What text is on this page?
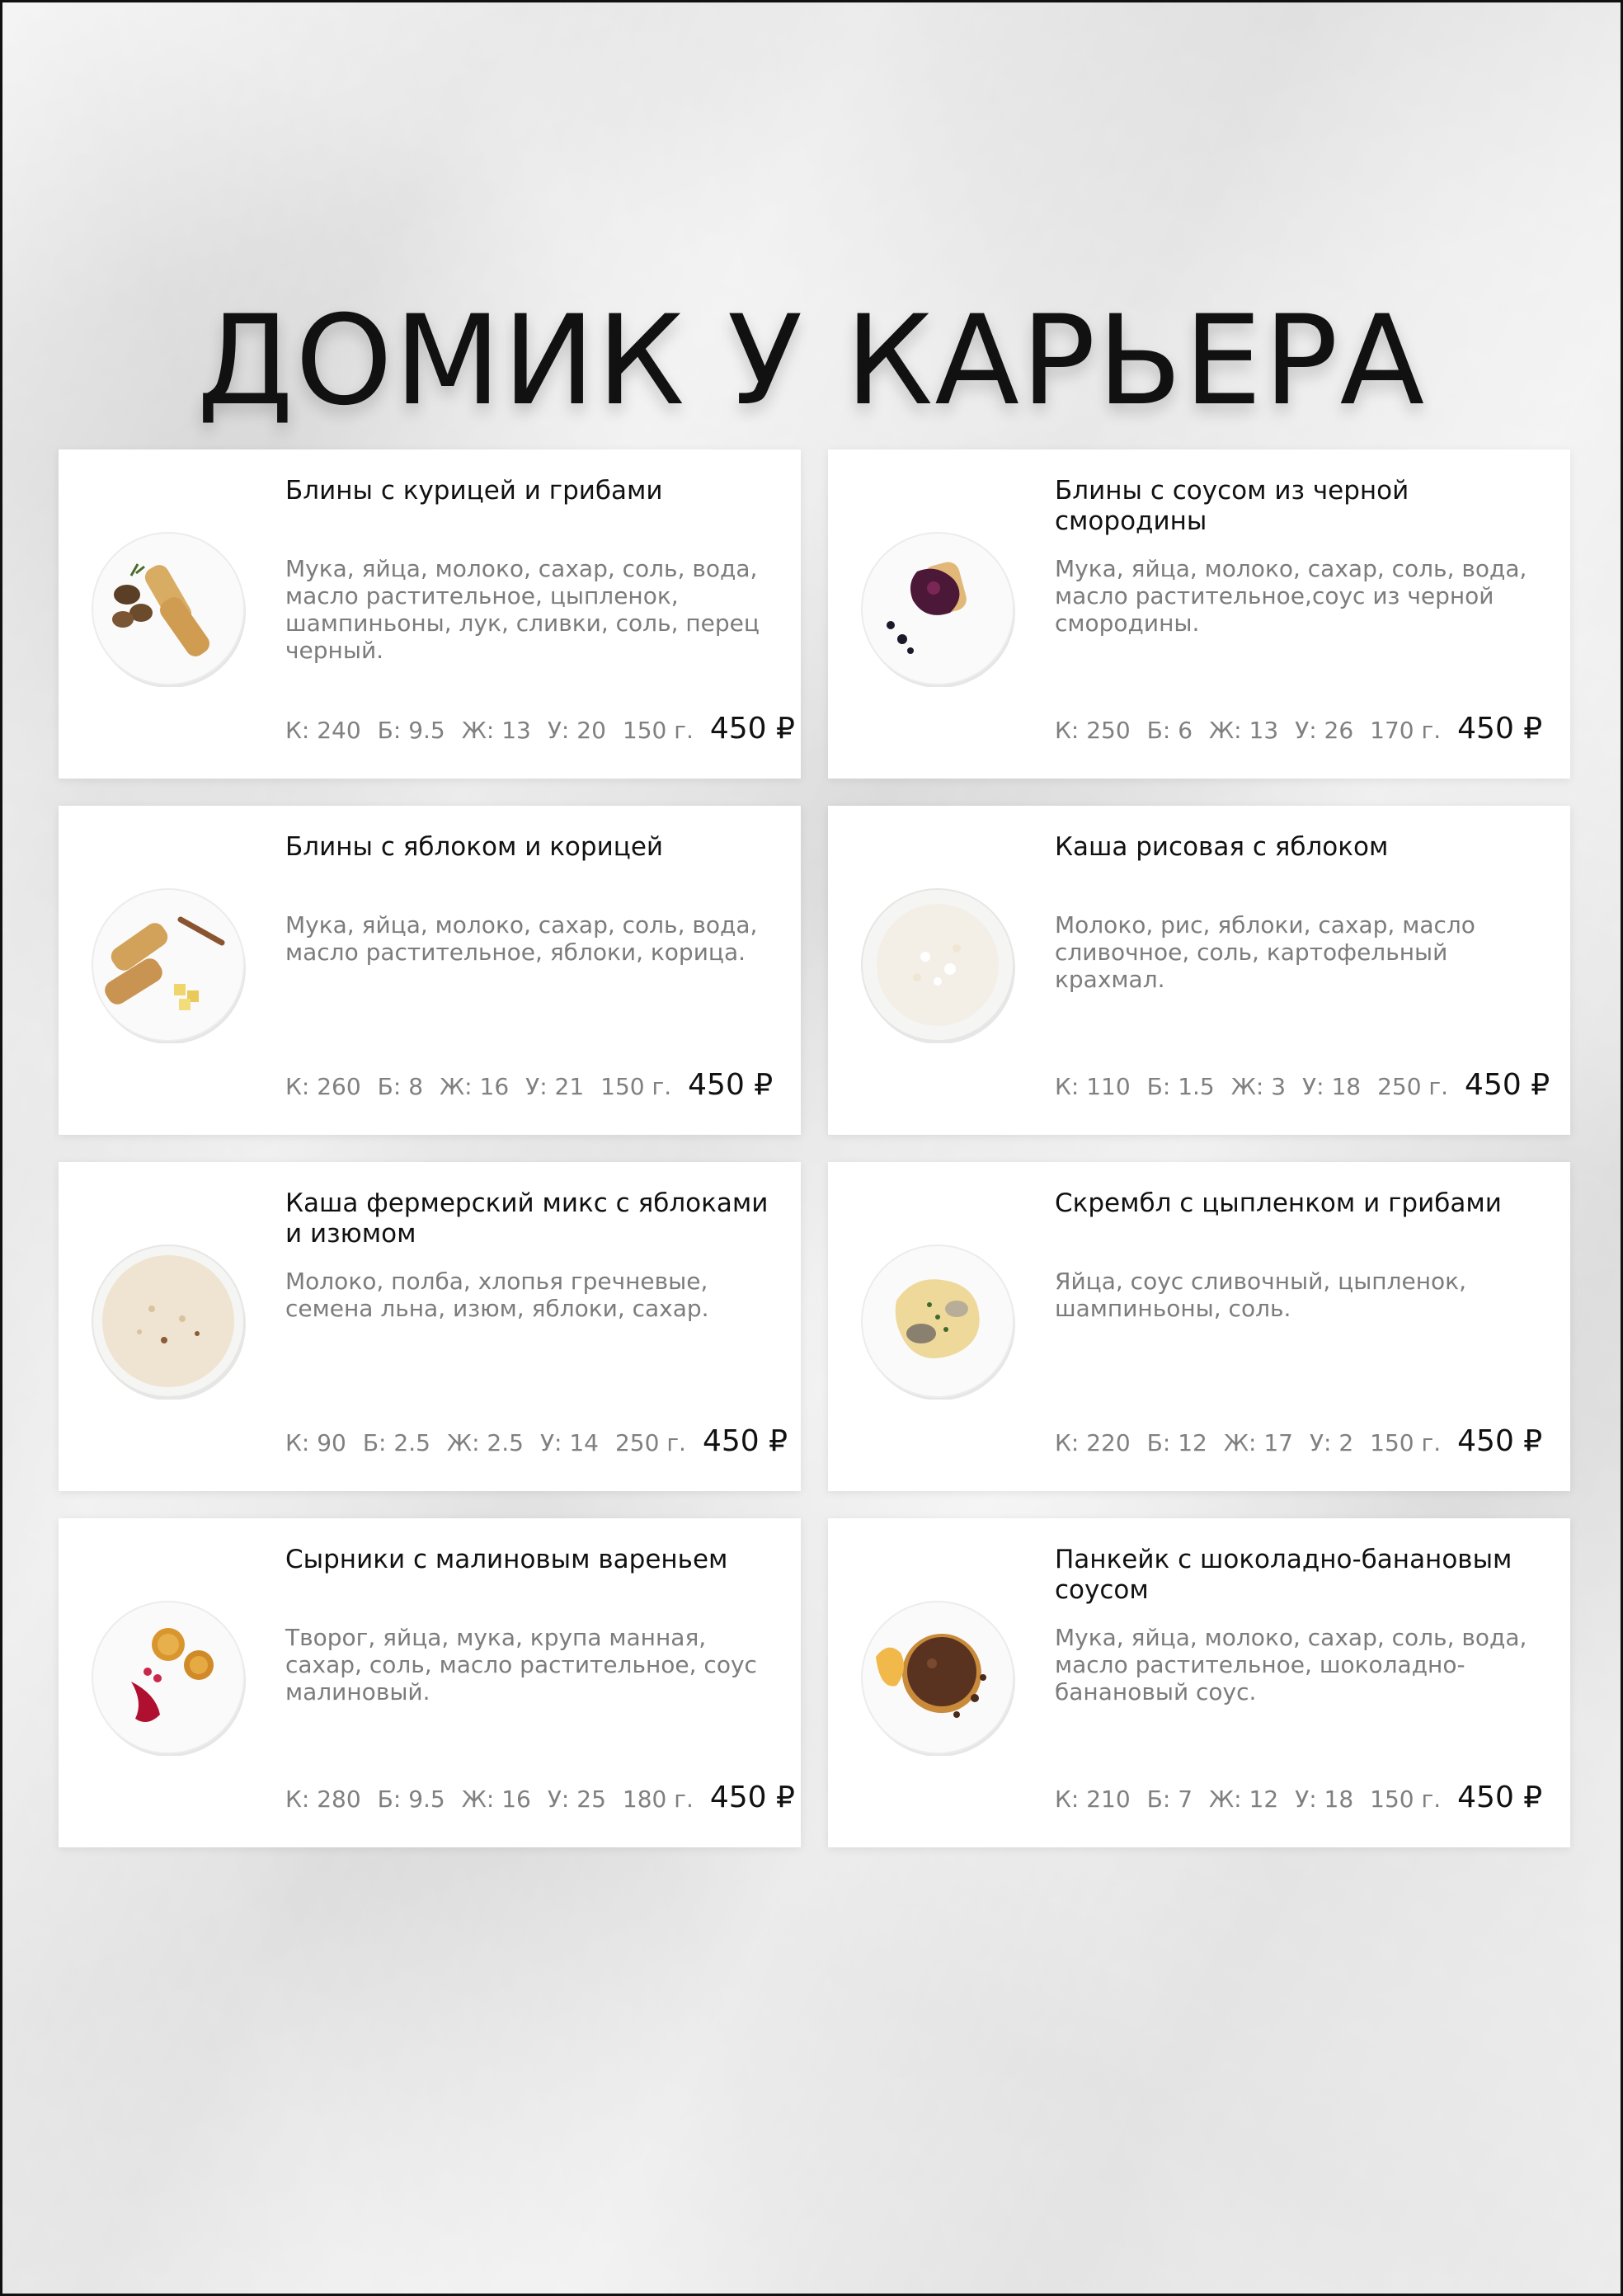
ДОМИК У КАРЬЕРА
Блины с курицей и грибами

Мука, яйца, молоко, сахар, соль, вода, масло растительное, цыпленок, шампиньоны, лук, сливки, соль, перец черный.

К: 240 Б: 9.5 Ж: 13 У: 20 150 г. 450 ₽
Блины с соусом из черной смородины

Мука, яйца, молоко, сахар, соль, вода, масло растительное,соус из черной смородины.

К: 250 Б: 6 Ж: 13 У: 26 170 г. 450 ₽
Блины с яблоком и корицей

Мука, яйца, молоко, сахар, соль, вода, масло растительное, яблоки, корица.

К: 260 Б: 8 Ж: 16 У: 21 150 г. 450 ₽
Каша рисовая с яблоком

Молоко, рис, яблоки, сахар, масло сливочное, соль, картофельный крахмал.

К: 110 Б: 1.5 Ж: 3 У: 18 250 г. 450 ₽
Каша фермерский микс с яблоками и изюмом

Молоко, полба, хлопья гречневые, семена льна, изюм, яблоки, сахар.

К: 90 Б: 2.5 Ж: 2.5 У: 14 250 г. 450 ₽
Скрембл с цыпленком и грибами

Яйца, соус сливочный, цыпленок, шампиньоны, соль.

К: 220 Б: 12 Ж: 17 У: 2 150 г. 450 ₽
Сырники с малиновым вареньем

Творог, яйца, мука, крупа манная, сахар, соль, масло растительное, соус малиновый.

К: 280 Б: 9.5 Ж: 16 У: 25 180 г. 450 ₽
Панкейк с шоколадно-банановым соусом

Мука, яйца, молоко, сахар, соль, вода, масло растительное, шоколадно-банановый соус.

К: 210 Б: 7 Ж: 12 У: 18 150 г. 450 ₽
